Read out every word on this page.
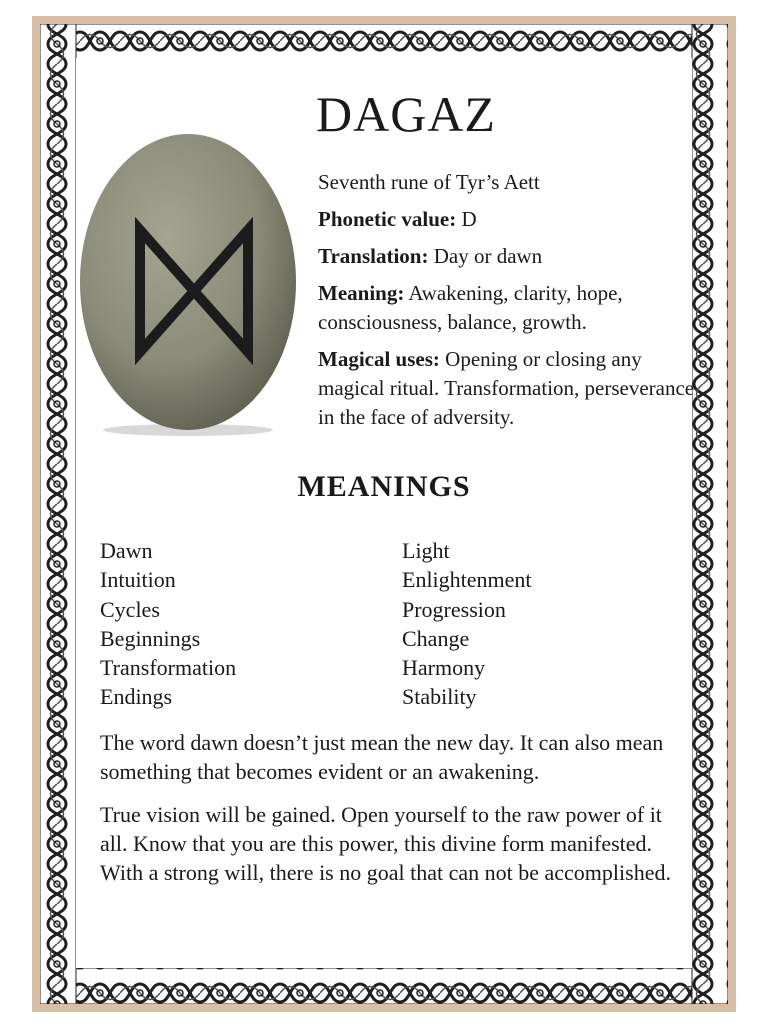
DAGAZ

Seventh rune of Tyr’s Aett

Phonetic value: D

Translation: Day or dawn

Meaning: Awakening, clarity, hope, consciousness, balance, growth.

Magical uses: Opening or closing any magical ritual. Transformation, perseverance in the face of adversity.

MEANINGS
Dawn
Intuition
Cycles
Beginnings
Transformation
Endings
Light
Enlightenment
Progression
Change
Harmony
Stability

The word dawn doesn’t just mean the new day. It can also mean something that becomes evident or an awakening.

True vision will be gained. Open yourself to the raw power of it all. Know that you are this power, this divine form manifested. With a strong will, there is no goal that can not be accomplished.
